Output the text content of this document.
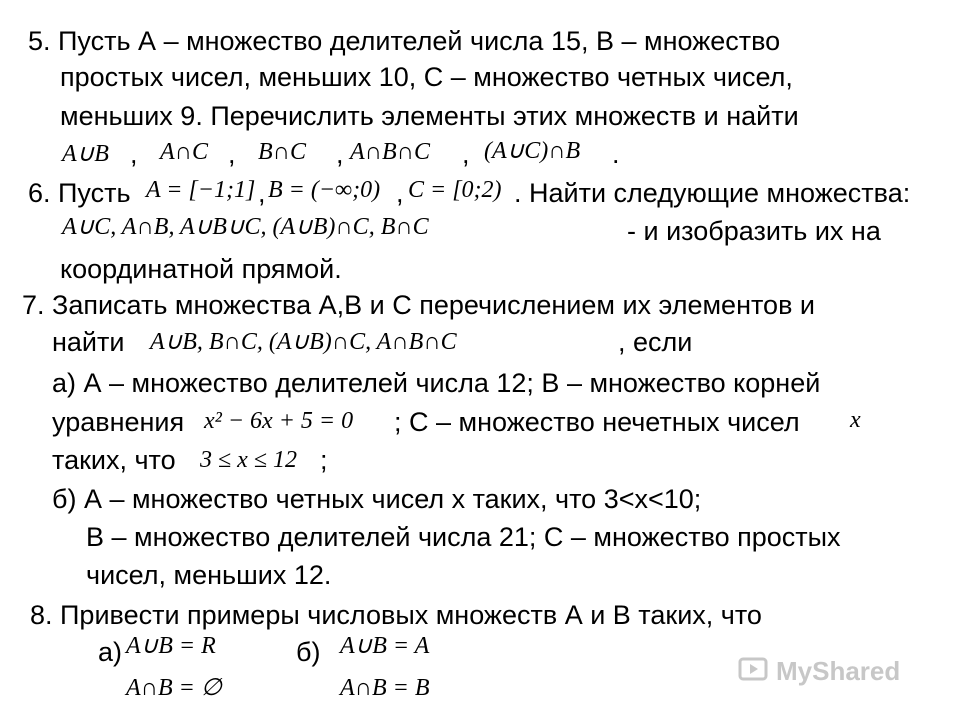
5. Пусть А – множество делителей числа 15, В – множество
простых чисел, меньших 10, С – множество четных чисел,
меньших 9. Перечислить элементы этих множеств и найти
A∪B , A∩C , B∩C , A∩B∩C , (A∪C)∩B .
6. Пусть A = [−1;1] , B = (−∞;0) , C = [0;2) . Найти следующие множества:
A∪C, A∩B, A∪B∪C, (A∪B)∩C, B∩C	- и изобразить их на
координатной прямой.
7. Записать множества А,В и С перечислением их элементов и
найти A∪B, B∩C, (A∪B)∩C, A∩B∩C	, если
а) А – множество делителей числа 12; В – множество корней
уравнения x² − 6x + 5 = 0 ; С – множество нечетных чисел x
таких, что 3 ≤ x ≤ 12 ;
б) А – множество четных чисел х таких, что 3<х<10;
В – множество делителей числа 21; С – множество простых
чисел, меньших 12.
8. Привести примеры числовых множеств А и В таких, что
а) A∪B = R
A∩B = ∅
б) A∪B = A
A∩B = B
MyShared
